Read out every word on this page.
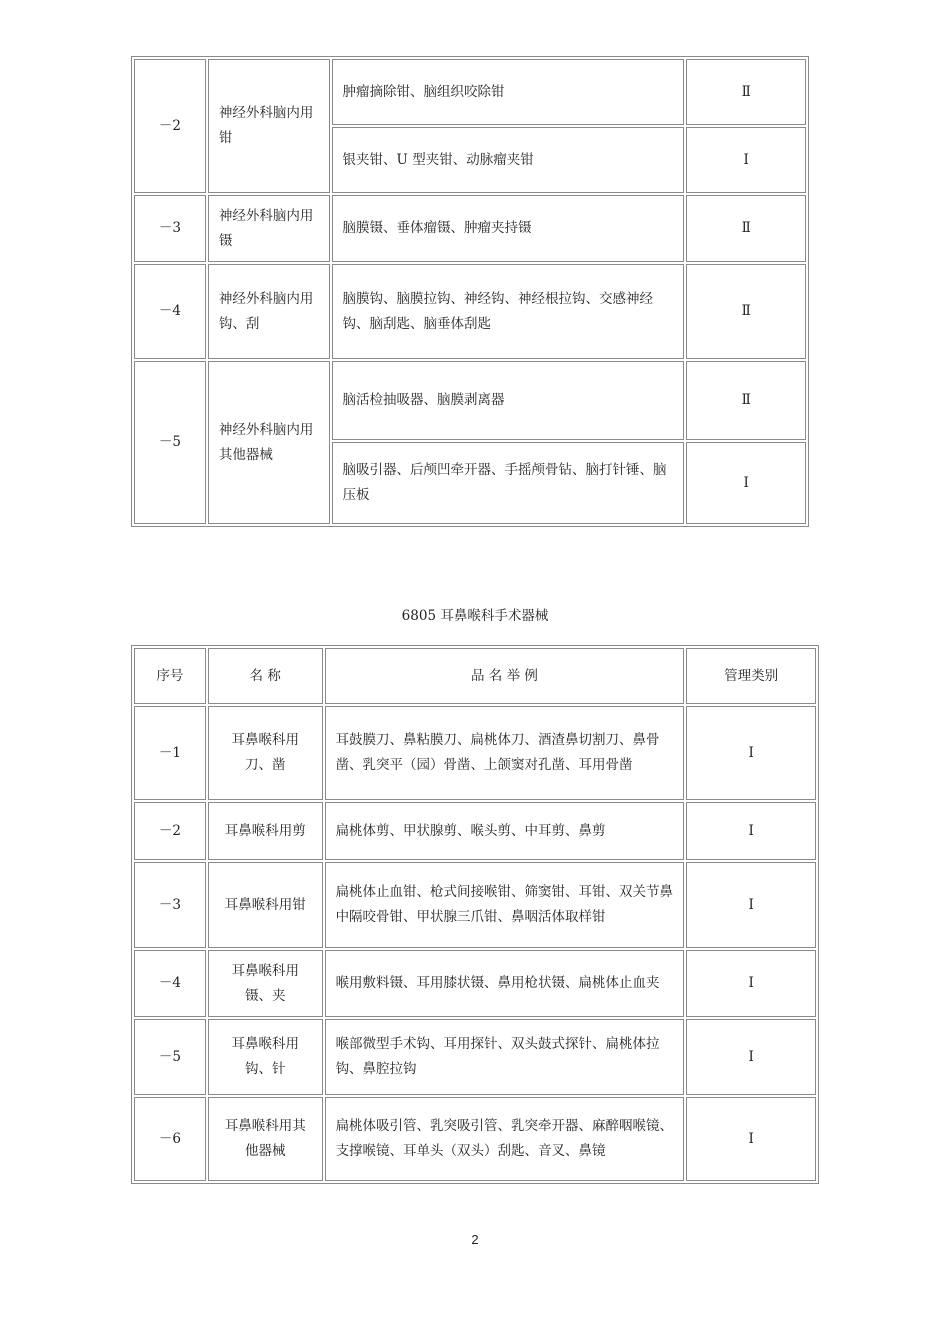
－2	神经外科脑内用钳	肿瘤摘除钳、脑组织咬除钳	Ⅱ
		银夹钳、U 型夹钳、动脉瘤夹钳	Ⅰ
－3	神经外科脑内用镊	脑膜镊、垂体瘤镊、肿瘤夹持镊	Ⅱ
－4	神经外科脑内用钩、刮	脑膜钩、脑膜拉钩、神经钩、神经根拉钩、交感神经钩、脑刮匙、脑垂体刮匙	Ⅱ
－5	神经外科脑内用其他器械	脑活检抽吸器、脑膜剥离器	Ⅱ
		脑吸引器、后颅凹牵开器、手摇颅骨钻、脑打针锤、脑压板	Ⅰ
6805 耳鼻喉科手术器械
序号	名 称	品 名 举 例	管理类别
－1	耳鼻喉科用刀、凿	耳鼓膜刀、鼻粘膜刀、扁桃体刀、酒渣鼻切割刀、鼻骨凿、乳突平（园）骨凿、上颌窦对孔凿、耳用骨凿	Ⅰ
－2	耳鼻喉科用剪	扁桃体剪、甲状腺剪、喉头剪、中耳剪、鼻剪	Ⅰ
－3	耳鼻喉科用钳	扁桃体止血钳、枪式间接喉钳、筛窦钳、耳钳、双关节鼻中隔咬骨钳、甲状腺三爪钳、鼻咽活体取样钳	Ⅰ
－4	耳鼻喉科用镊、夹	喉用敷料镊、耳用膝状镊、鼻用枪状镊、扁桃体止血夹	Ⅰ
－5	耳鼻喉科用钩、针	喉部微型手术钩、耳用探针、双头鼓式探针、扁桃体拉钩、鼻腔拉钩	Ⅰ
－6	耳鼻喉科用其他器械	扁桃体吸引管、乳突吸引管、乳突牵开器、麻醉咽喉镜、支撑喉镜、耳单头（双头）刮匙、音叉、鼻镜	Ⅰ
2
